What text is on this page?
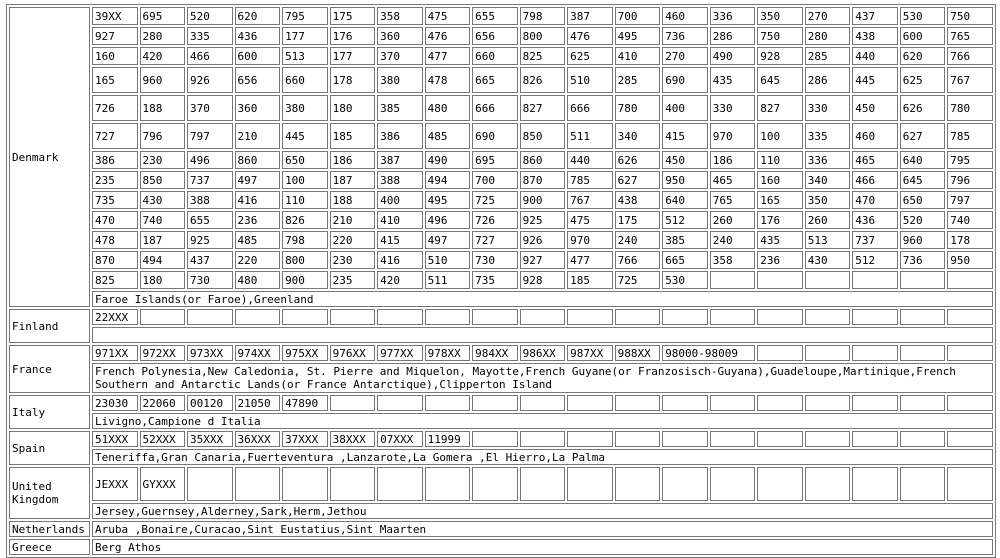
Denmark	39XX	695	520	620	795	175	358	475	655	798	387	700	460	336	350	270	437	530	750
	927	280	335	436	177	176	360	476	656	800	476	495	736	286	750	280	438	600	765
	160	420	466	600	513	177	370	477	660	825	625	410	270	490	928	285	440	620	766
	165	960	926	656	660	178	380	478	665	826	510	285	690	435	645	286	445	625	767
	726	188	370	360	380	180	385	480	666	827	666	780	400	330	827	330	450	626	780
	727	796	797	210	445	185	386	485	690	850	511	340	415	970	100	335	460	627	785
	386	230	496	860	650	186	387	490	695	860	440	626	450	186	110	336	465	640	795
	235	850	737	497	100	187	388	494	700	870	785	627	950	465	160	340	466	645	796
	735	430	388	416	110	188	400	495	725	900	767	438	640	765	165	350	470	650	797
	470	740	655	236	826	210	410	496	726	925	475	175	512	260	176	260	436	520	740
	478	187	925	485	798	220	415	497	727	926	970	240	385	240	435	513	737	960	178
	870	494	437	220	800	230	416	510	730	927	477	766	665	358	236	430	512	736	950
	825	180	730	480	900	235	420	511	735	928	185	725	530						
	Faroe Islands(or Faroe),Greenland																		
Finland	22XXX																		

France	971XX	972XX	973XX	974XX	975XX	976XX	977XX	978XX	984XX	986XX	987XX	988XX	98000-98009						
	French Polynesia,New Caledonia, St. Pierre and Miquelon, Mayotte,French Guyane(or Franzosisch-Guyana),Guadeloupe,Martinique,French Southern and Antarctic Lands(or France Antarctique),Clipperton Island																		
Italy	23030	22060	00120	21050	47890														
	Livigno,Campione d Italia																		
Spain	51XXX	52XXX	35XXX	36XXX	37XXX	38XXX	07XXX	11999											
	Teneriffa,Gran Canaria,Fuerteventura ,Lanzarote,La Gomera ,El Hierro,La Palma																		
United Kingdom	JEXXX	GYXXX																	
	Jersey,Guernsey,Alderney,Sark,Herm,Jethou																		
Netherlands	Aruba ,Bonaire,Curacao,Sint Eustatius,Sint Maarten																		
Greece	Berg Athos																		
